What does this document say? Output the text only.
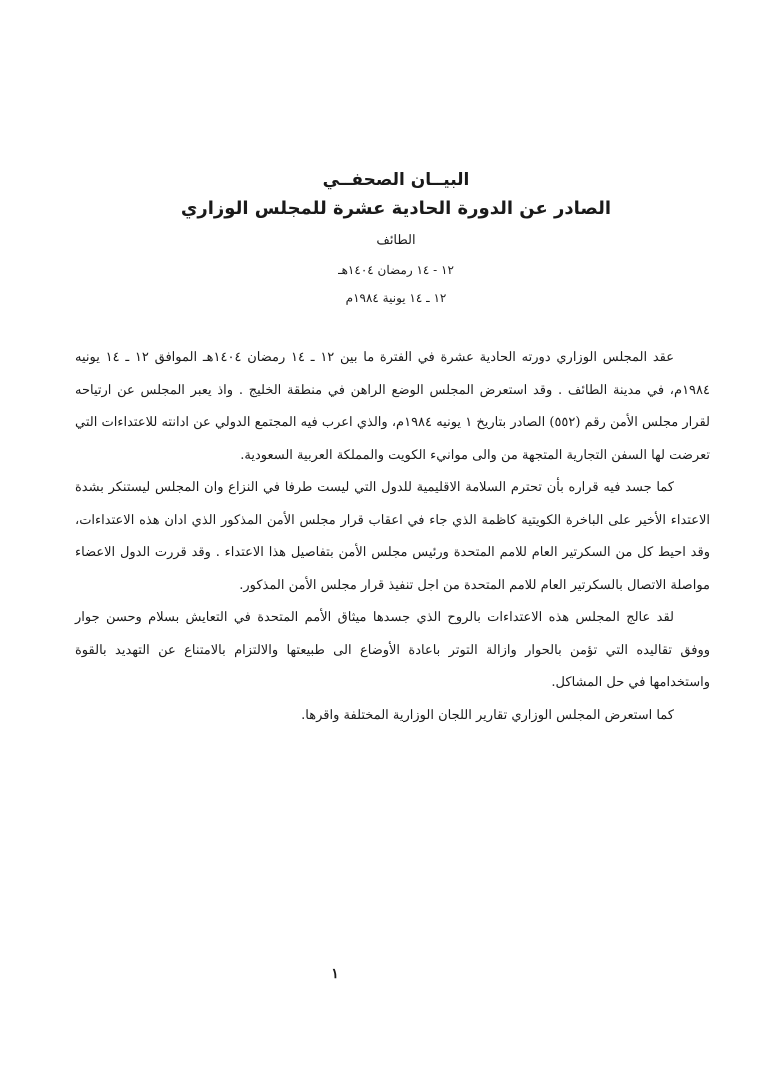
البيــان الصحفــي
الصادر عن الدورة الحادية عشرة للمجلس الوزاري
الطائف
١٢ - ١٤ رمضان ١٤٠٤هـ
١٢ ـ ١٤ يونية ١٩٨٤م

عقد المجلس الوزاري دورته الحادية عشرة في الفترة ما بين ١٢ ـ ١٤ رمضان ١٤٠٤هـ الموافق ١٢ ـ ١٤ يونيه ١٩٨٤م، في مدينة الطائف . وقد استعرض المجلس الوضع الراهن في منطقة الخليج . واذ يعبر المجلس عن ارتياحه لقرار مجلس الأمن رقم (٥٥٢) الصادر بتاريخ ١ يونيه ١٩٨٤م، والذي اعرب فيه المجتمع الدولي عن ادانته للاعتداءات التي تعرضت لها السفن التجارية المتجهة من والى موانيء الكويت والمملكة العربية السعودية.

كما جسد فيه قراره بأن تحترم السلامة الاقليمية للدول التي ليست طرفا في النزاع وان المجلس ليستنكر بشدة الاعتداء الأخير على الباخرة الكويتية كاظمة الذي جاء في اعقاب قرار مجلس الأمن المذكور الذي ادان هذه الاعتداءات، وقد احيط كل من السكرتير العام للامم المتحدة ورئيس مجلس الأمن بتفاصيل هذا الاعتداء . وقد قررت الدول الاعضاء مواصلة الاتصال بالسكرتير العام للامم المتحدة من اجل تنفيذ قرار مجلس الأمن المذكور.

لقد عالج المجلس هذه الاعتداءات بالروح الذي جسدها ميثاق الأمم المتحدة في التعايش بسلام وحسن جوار ووفق تقاليده التي تؤمن بالحوار وازالة التوتر باعادة الأوضاع الى طبيعتها والالتزام بالامتناع عن التهديد بالقوة واستخدامها في حل المشاكل.

كما استعرض المجلس الوزاري تقارير اللجان الوزارية المختلفة واقرها.

١
